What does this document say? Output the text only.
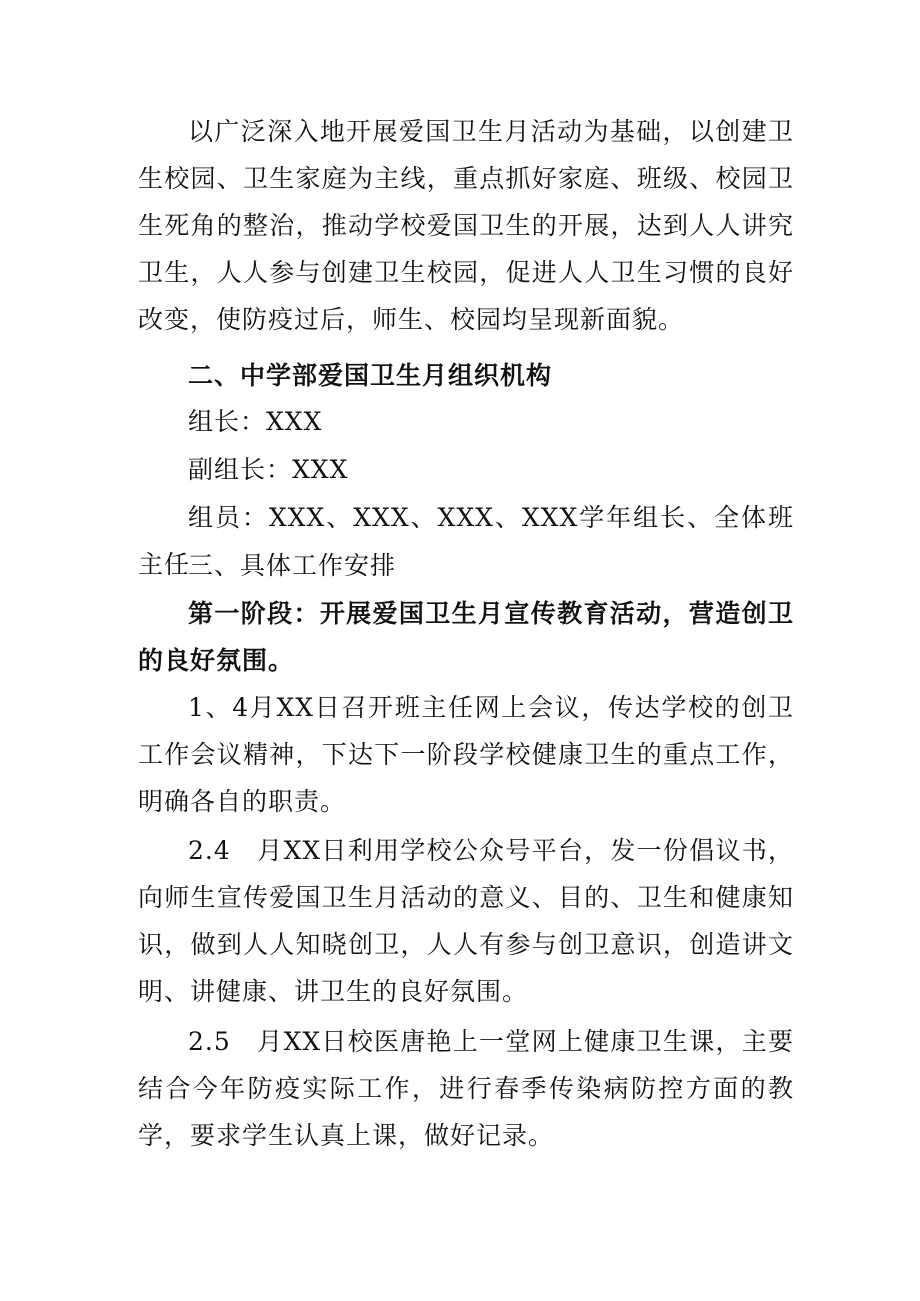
以广泛深入地开展爱国卫生月活动为基础，以创建卫生校园、卫生家庭为主线，重点抓好家庭、班级、校园卫生死角的整治，推动学校爱国卫生的开展，达到人人讲究卫生，人人参与创建卫生校园，促进人人卫生习惯的良好改变，使防疫过后，师生、校园均呈现新面貌。

二、中学部爱国卫生月组织机构

组长：XXX

副组长：XXX

组员：XXX、XXX、XXX、XXX学年组长、全体班主任

三、具体工作安排

第一阶段：开展爱国卫生月宣传教育活动，营造创卫的良好氛围。

1、4月XX日召开班主任网上会议，传达学校的创卫工作会议精神，下达下一阶段学校健康卫生的重点工作，明确各自的职责。

2.4　月XX日利用学校公众号平台，发一份倡议书，向师生宣传爱国卫生月活动的意义、目的、卫生和健康知识，做到人人知晓创卫，人人有参与创卫意识，创造讲文明、讲健康、讲卫生的良好氛围。

2.5　月XX日校医唐艳上一堂网上健康卫生课，主要结合今年防疫实际工作，进行春季传染病防控方面的教学，要求学生认真上课，做好记录。
